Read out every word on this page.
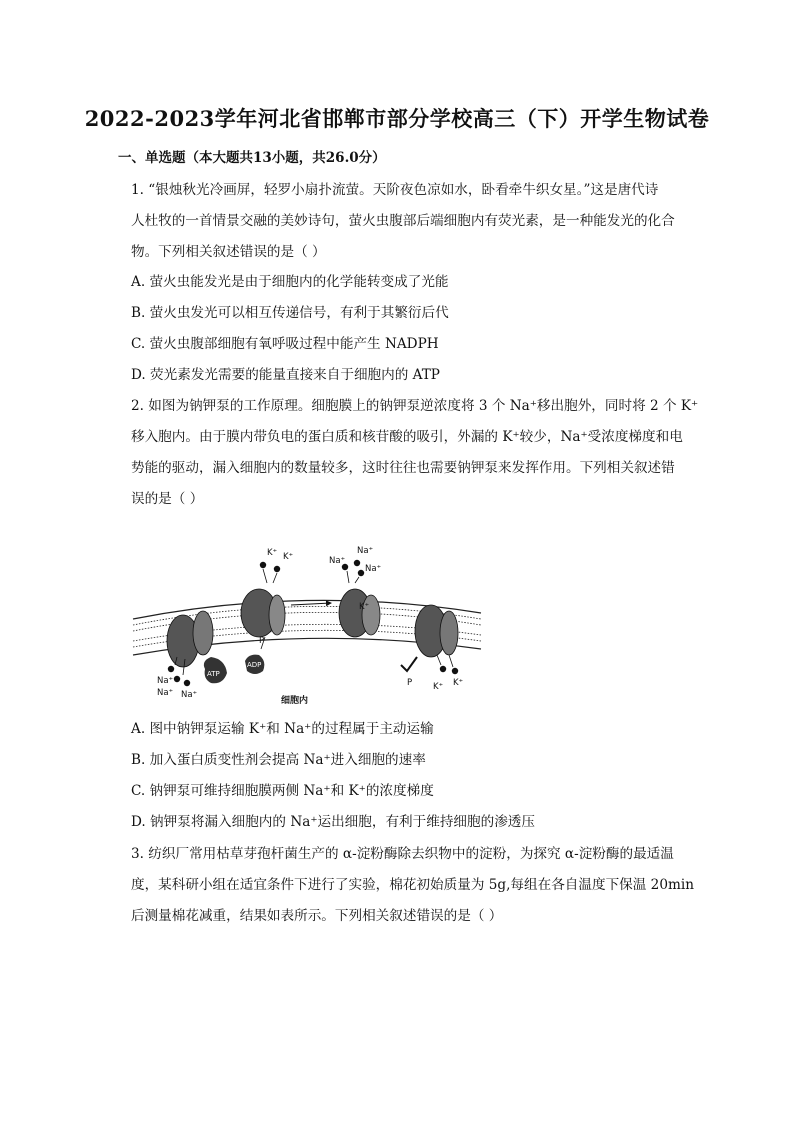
2022-2023学年河北省邯郸市部分学校高三（下）开学生物试卷
一、单选题（本大题共13小题，共26.0分）
1. “银烛秋光冷画屏，轻罗小扇扑流萤。天阶夜色凉如水，卧看牵牛织女星。”这是唐代诗
人杜牧的一首情景交融的美妙诗句，萤火虫腹部后端细胞内有荧光素，是一种能发光的化合
物。下列相关叙述错误的是（ ）
A. 萤火虫能发光是由于细胞内的化学能转变成了光能
B. 萤火虫发光可以相互传递信号，有利于其繁衍后代
C. 萤火虫腹部细胞有氧呼吸过程中能产生 NADPH
D. 荧光素发光需要的能量直接来自于细胞内的 ATP
2. 如图为钠钾泵的工作原理。细胞膜上的钠钾泵逆浓度将 3 个 Na⁺移出胞外，同时将 2 个 K⁺
移入胞内。由于膜内带负电的蛋白质和核苷酸的吸引，外漏的 K⁺较少，Na⁺受浓度梯度和电
势能的驱动，漏入细胞内的数量较多，这时往往也需要钠钾泵来发挥作用。下列相关叙述错
误的是（ ）
K⁺ K⁺	Na⁺
Na⁺
Na⁺
K⁺
Na⁺
Na⁺ Na⁺
ATP
ADP
P
P K⁺ K⁺
细胞内
A. 图中钠钾泵运输 K⁺和 Na⁺的过程属于主动运输
B. 加入蛋白质变性剂会提高 Na⁺进入细胞的速率
C. 钠钾泵可维持细胞膜两侧 Na⁺和 K⁺的浓度梯度
D. 钠钾泵将漏入细胞内的 Na⁺运出细胞，有利于维持细胞的渗透压
3. 纺织厂常用枯草芽孢杆菌生产的 α-淀粉酶除去织物中的淀粉，为探究 α-淀粉酶的最适温
度，某科研小组在适宜条件下进行了实验，棉花初始质量为 5g,每组在各自温度下保温 20min
后测量棉花减重，结果如表所示。下列相关叙述错误的是（ ）
